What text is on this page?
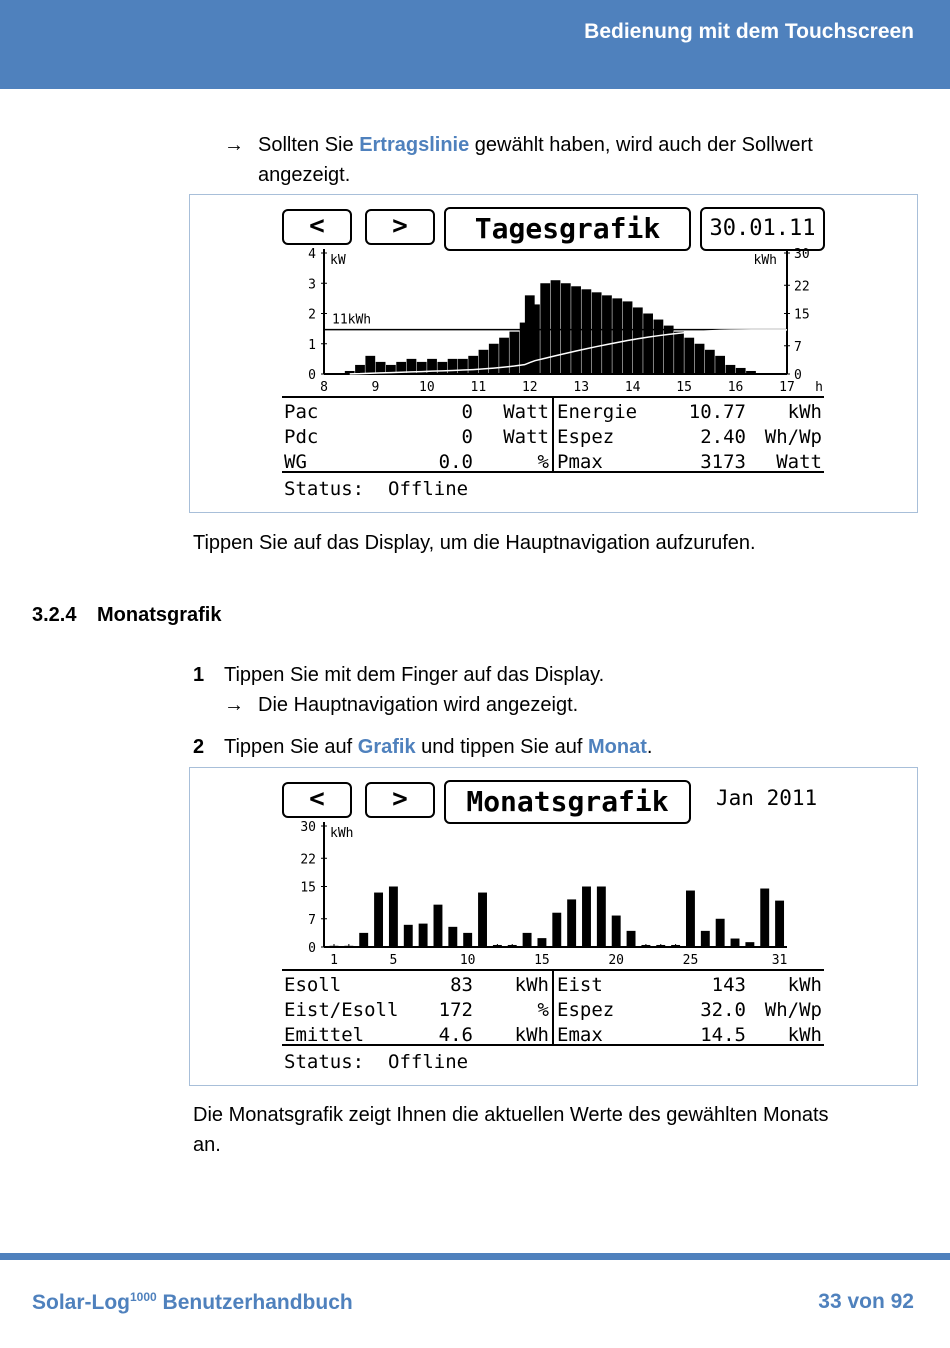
Bedienung mit dem Touchscreen
→ Sollten Sie Ertragslinie gewählt haben, wird auch der Sollwert
angezeigt.
<	>	Tagesgrafik	30.01.11
kW	kWh
4
3
2
1
0
30
22
15
7
0
8	9	10	11	12	13	14	15	16	17 h
11kWh
Pac	0 Watt Energie	10.77 kWh
Pdc	0 Watt Espez	2.40 Wh/Wp
WG	0.0	% Pmax	3173 Watt
Status: Offline
Tippen Sie auf das Display, um die Hauptnavigation aufzurufen.
3.2.4 Monatsgrafik
1 Tippen Sie mit dem Finger auf das Display.
→ Die Hauptnavigation wird angezeigt.
2 Tippen Sie auf Grafik und tippen Sie auf Monat.
<	>	Monatsgrafik	Jan 2011
kWh
30
22
15
7
0
1	5	10	15	20	25	31
Esoll	83 kWh Eist	143 kWh
Eist/Esoll 172	% Espez	32.0 Wh/Wp
Emittel	4.6 kWh Emax	14.5 kWh
Status: Offline
Die Monatsgrafik zeigt Ihnen die aktuellen Werte des gewählten Monats
an.
Solar-Log$^{1000}$ Benutzerhandbuch	33 von 92
